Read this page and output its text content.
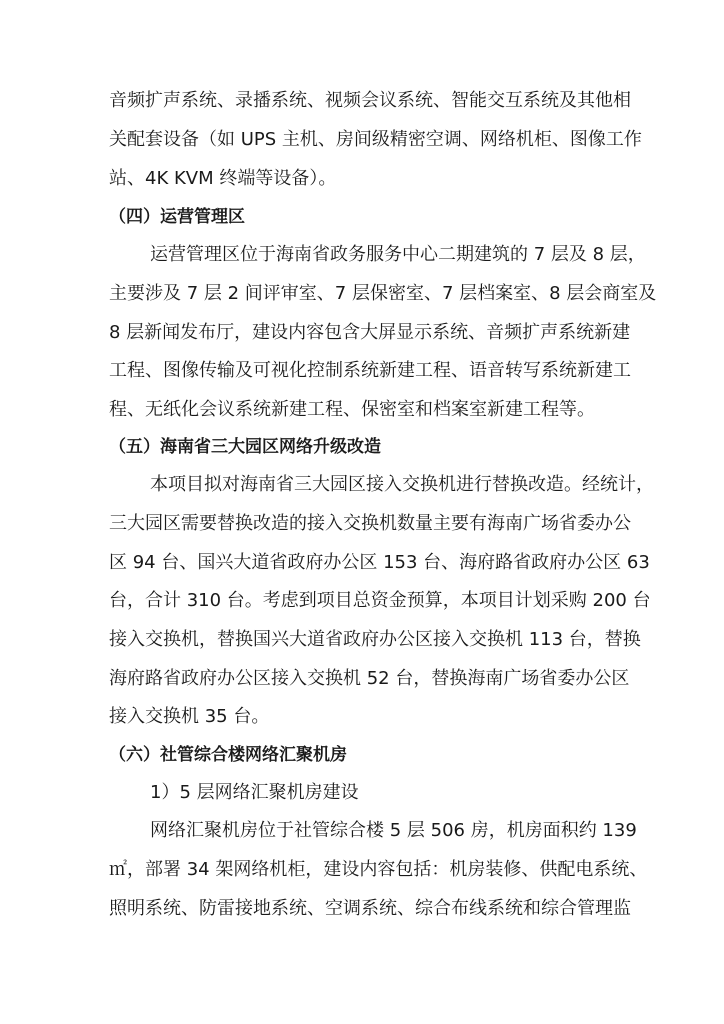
音频扩声系统、录播系统、视频会议系统、智能交互系统及其他相
关配套设备（如 UPS 主机、房间级精密空调、网络机柜、图像工作
站、4K KVM 终端等设备）。
（四）运营管理区
运营管理区位于海南省政务服务中心二期建筑的 7 层及 8 层，
主要涉及 7 层 2 间评审室、7 层保密室、7 层档案室、8 层会商室及
8 层新闻发布厅，建设内容包含大屏显示系统、音频扩声系统新建
工程、图像传输及可视化控制系统新建工程、语音转写系统新建工
程、无纸化会议系统新建工程、保密室和档案室新建工程等。
（五）海南省三大园区网络升级改造
本项目拟对海南省三大园区接入交换机进行替换改造。经统计，
三大园区需要替换改造的接入交换机数量主要有海南广场省委办公
区 94 台、国兴大道省政府办公区 153 台、海府路省政府办公区 63
台，合计 310 台。考虑到项目总资金预算，本项目计划采购 200 台
接入交换机，替换国兴大道省政府办公区接入交换机 113 台，替换
海府路省政府办公区接入交换机 52 台，替换海南广场省委办公区
接入交换机 35 台。
（六）社管综合楼网络汇聚机房
1）5 层网络汇聚机房建设
网络汇聚机房位于社管综合楼 5 层 506 房，机房面积约 139
㎡，部署 34 架网络机柜，建设内容包括：机房装修、供配电系统、
照明系统、防雷接地系统、空调系统、综合布线系统和综合管理监
